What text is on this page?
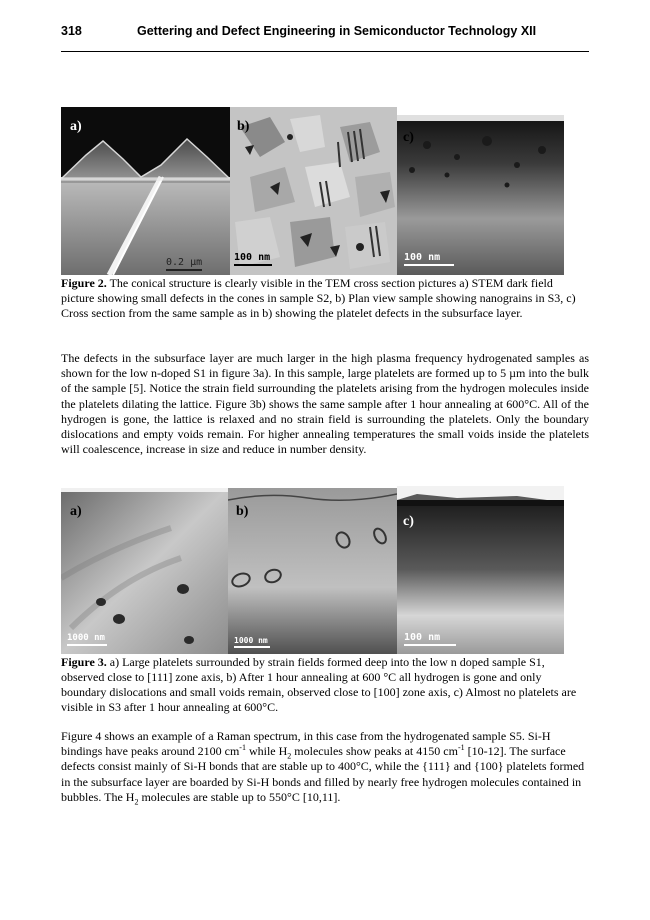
318	Gettering and Defect Engineering in Semiconductor Technology XII
a)
0.2 µm
b)
100 nm
c)
100 nm
Figure 2. The conical structure is clearly visible in the TEM cross section pictures a) STEM dark field picture showing small defects in the cones in sample S2, b) Plan view sample showing nanograins in S3, c) Cross section from the same sample as in b) showing the platelet defects in the subsurface layer.
The defects in the subsurface layer are much larger in the high plasma frequency hydrogenated samples as shown for the low n-doped S1 in figure 3a). In this sample, large platelets are formed up to 5 µm into the bulk of the sample [5]. Notice the strain field surrounding the platelets arising from the hydrogen molecules inside the platelets dilating the lattice. Figure 3b) shows the same sample after 1 hour annealing at 600°C. All of the hydrogen is gone, the lattice is relaxed and no strain field is surrounding the platelets. Only the boundary dislocations and empty voids remain. For higher annealing temperatures the small voids inside the platelets will coalescence, increase in size and reduce in number density.
a)
1000 nm
b)
1000 nm
c)
100 nm
Figure 3. a) Large platelets surrounded by strain fields formed deep into the low n doped sample S1, observed close to [111] zone axis, b) After 1 hour annealing at 600 °C all hydrogen is gone and only boundary dislocations and small voids remain, observed close to [100] zone axis, c) Almost no platelets are visible in S3 after 1 hour annealing at 600°C.
Figure 4 shows an example of a Raman spectrum, in this case from the hydrogenated sample S5. Si-H bindings have peaks around 2100 $cm^{-1}$ while $H_2$ molecules show peaks at 4150 $cm^{-1}$ [10-12]. The surface defects consist mainly of Si-H bonds that are stable up to 400°C, while the {111} and {100} platelets formed in the subsurface layer are boarded by Si-H bonds and filled by nearly free hydrogen molecules contained in bubbles. The $H_2$ molecules are stable up to 550°C [10,11].
